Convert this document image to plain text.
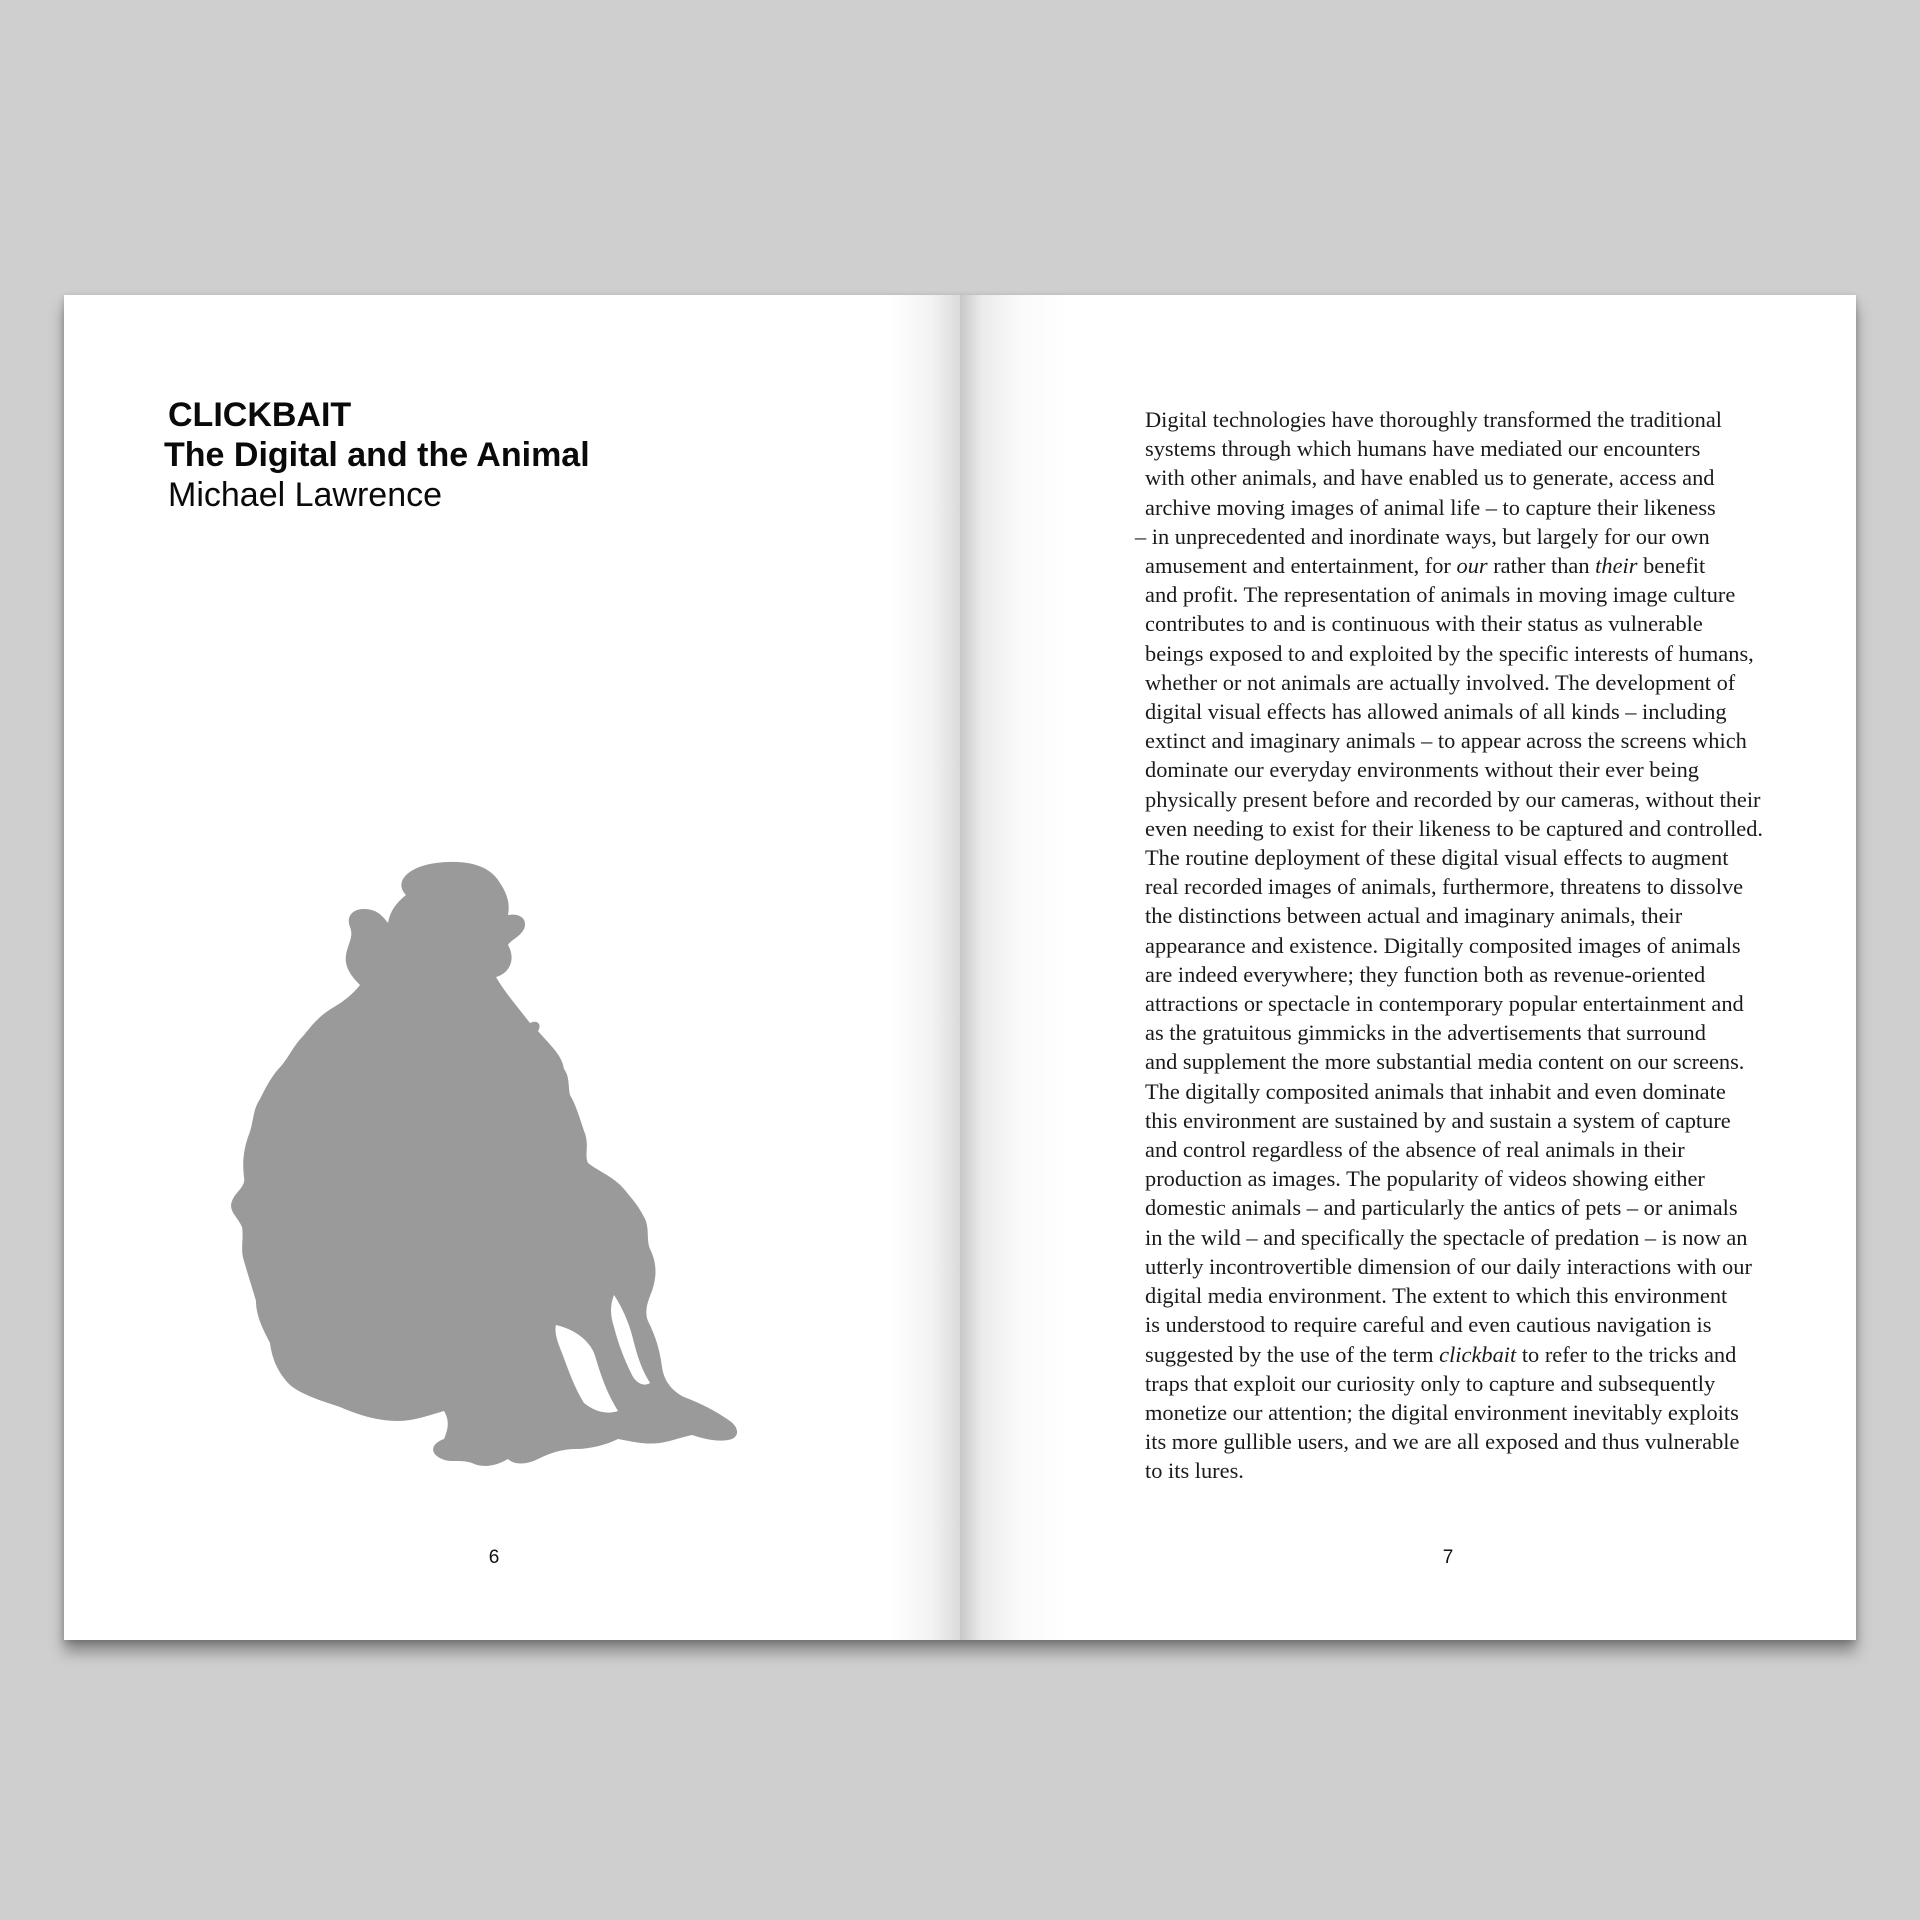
CLICKBAIT
The Digital and the Animal
Michael Lawrence
6
Digital technologies have thoroughly transformed the traditional
systems through which humans have mediated our encounters
with other animals, and have enabled us to generate, access and
archive moving images of animal life – to capture their likeness
– in unprecedented and inordinate ways, but largely for our own
amusement and entertainment, for our rather than their benefit
and profit. The representation of animals in moving image culture
contributes to and is continuous with their status as vulnerable
beings exposed to and exploited by the specific interests of humans,
whether or not animals are actually involved. The development of
digital visual effects has allowed animals of all kinds – including
extinct and imaginary animals – to appear across the screens which
dominate our everyday environments without their ever being
physically present before and recorded by our cameras, without their
even needing to exist for their likeness to be captured and controlled.
The routine deployment of these digital visual effects to augment
real recorded images of animals, furthermore, threatens to dissolve
the distinctions between actual and imaginary animals, their
appearance and existence. Digitally composited images of animals
are indeed everywhere; they function both as revenue-oriented
attractions or spectacle in contemporary popular entertainment and
as the gratuitous gimmicks in the advertisements that surround
and supplement the more substantial media content on our screens.
The digitally composited animals that inhabit and even dominate
this environment are sustained by and sustain a system of capture
and control regardless of the absence of real animals in their
production as images. The popularity of videos showing either
domestic animals – and particularly the antics of pets – or animals
in the wild – and specifically the spectacle of predation – is now an
utterly incontrovertible dimension of our daily interactions with our
digital media environment. The extent to which this environment
is understood to require careful and even cautious navigation is
suggested by the use of the term clickbait to refer to the tricks and
traps that exploit our curiosity only to capture and subsequently
monetize our attention; the digital environment inevitably exploits
its more gullible users, and we are all exposed and thus vulnerable
to its lures.
7
